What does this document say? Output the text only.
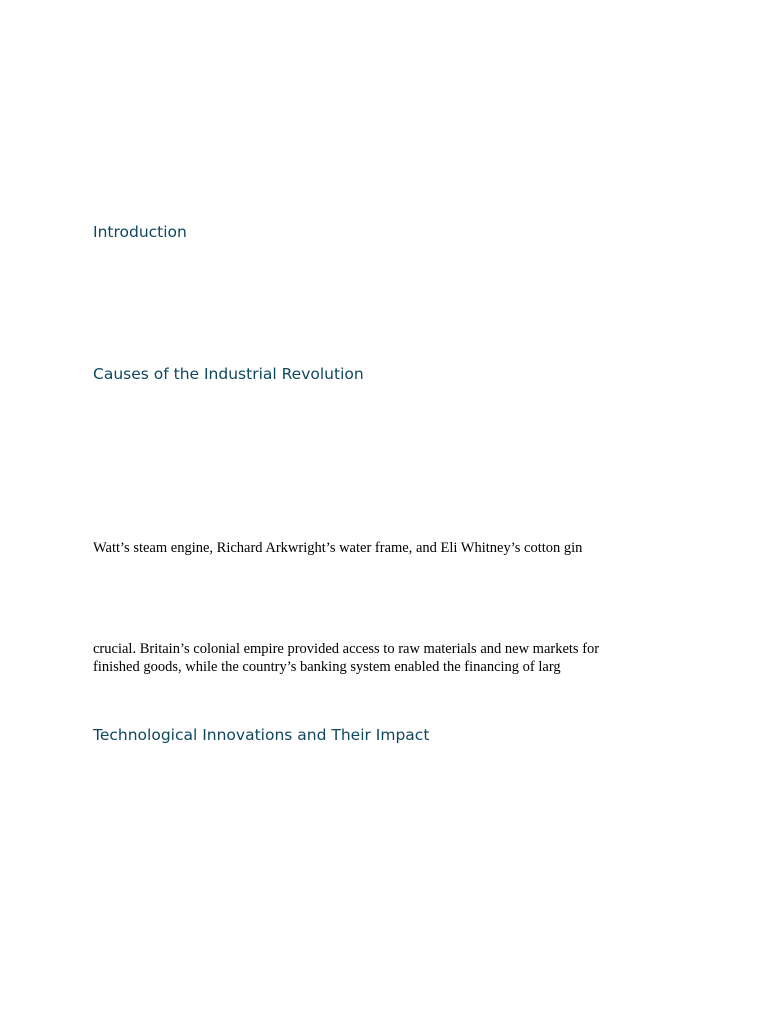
Introduction
Causes of the Industrial Revolution

Watt’s steam engine, Richard Arkwright’s water frame, and Eli Whitney’s cotton gin

crucial. Britain’s colonial empire provided access to raw materials and new markets for

finished goods, while the country’s banking system enabled the financing of larg

Technological Innovations and Their Impact
